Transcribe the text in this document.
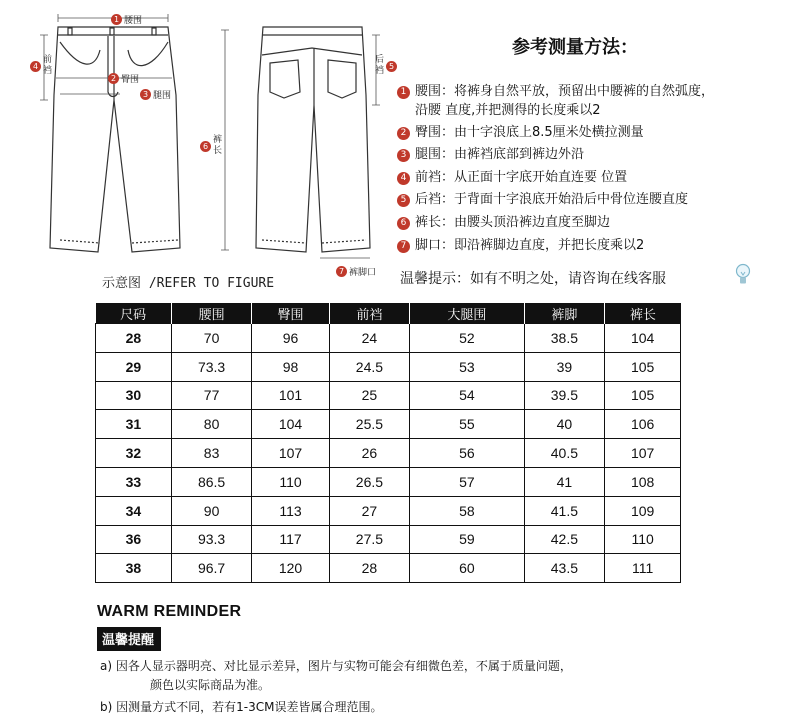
1 腰围
2 臀围
3 腿围
4
前
裆
后
裆 5
6
裤
长
7 裤脚口
示意图 /REFER TO FIGURE
参考测量方法：
1 腰围：将裤身自然平放，预留出中腰裤的自然弧度，
沿腰 直度,并把测得的长度乘以2
2 臀围：由十字浪底上8.5厘米处横拉测量
3 腿围：由裤裆底部到裤边外沿
4 前裆：从正面十字底开始直连要 位置
5 后裆：于背面十字浪底开始沿后中骨位连腰直度
6 裤长：由腰头顶沿裤边直度至脚边
7 脚口：即沿裤脚边直度，并把长度乘以2
温馨提示：如有不明之处，请咨询在线客服
尺码	腰围	臀围	前裆	大腿围	裤脚	裤长
28	70	96	24	52	38.5	104
29	73.3	98	24.5	53	39	105
30	77	101	25	54	39.5	105
31	80	104	25.5	55	40	106
32	83	107	26	56	40.5	107
33	86.5	110	26.5	57	41	108
34	90	113	27	58	41.5	109
36	93.3	117	27.5	59	42.5	110
38	96.7	120	28	60	43.5	111
WARM REMINDER
温馨提醒
a) 因各人显示器明亮、对比显示差异，图片与实物可能会有细微色差，不属于质量问题，
颜色以实际商品为准。
b) 因测量方式不同，若有1-3CM误差皆属合理范围。
